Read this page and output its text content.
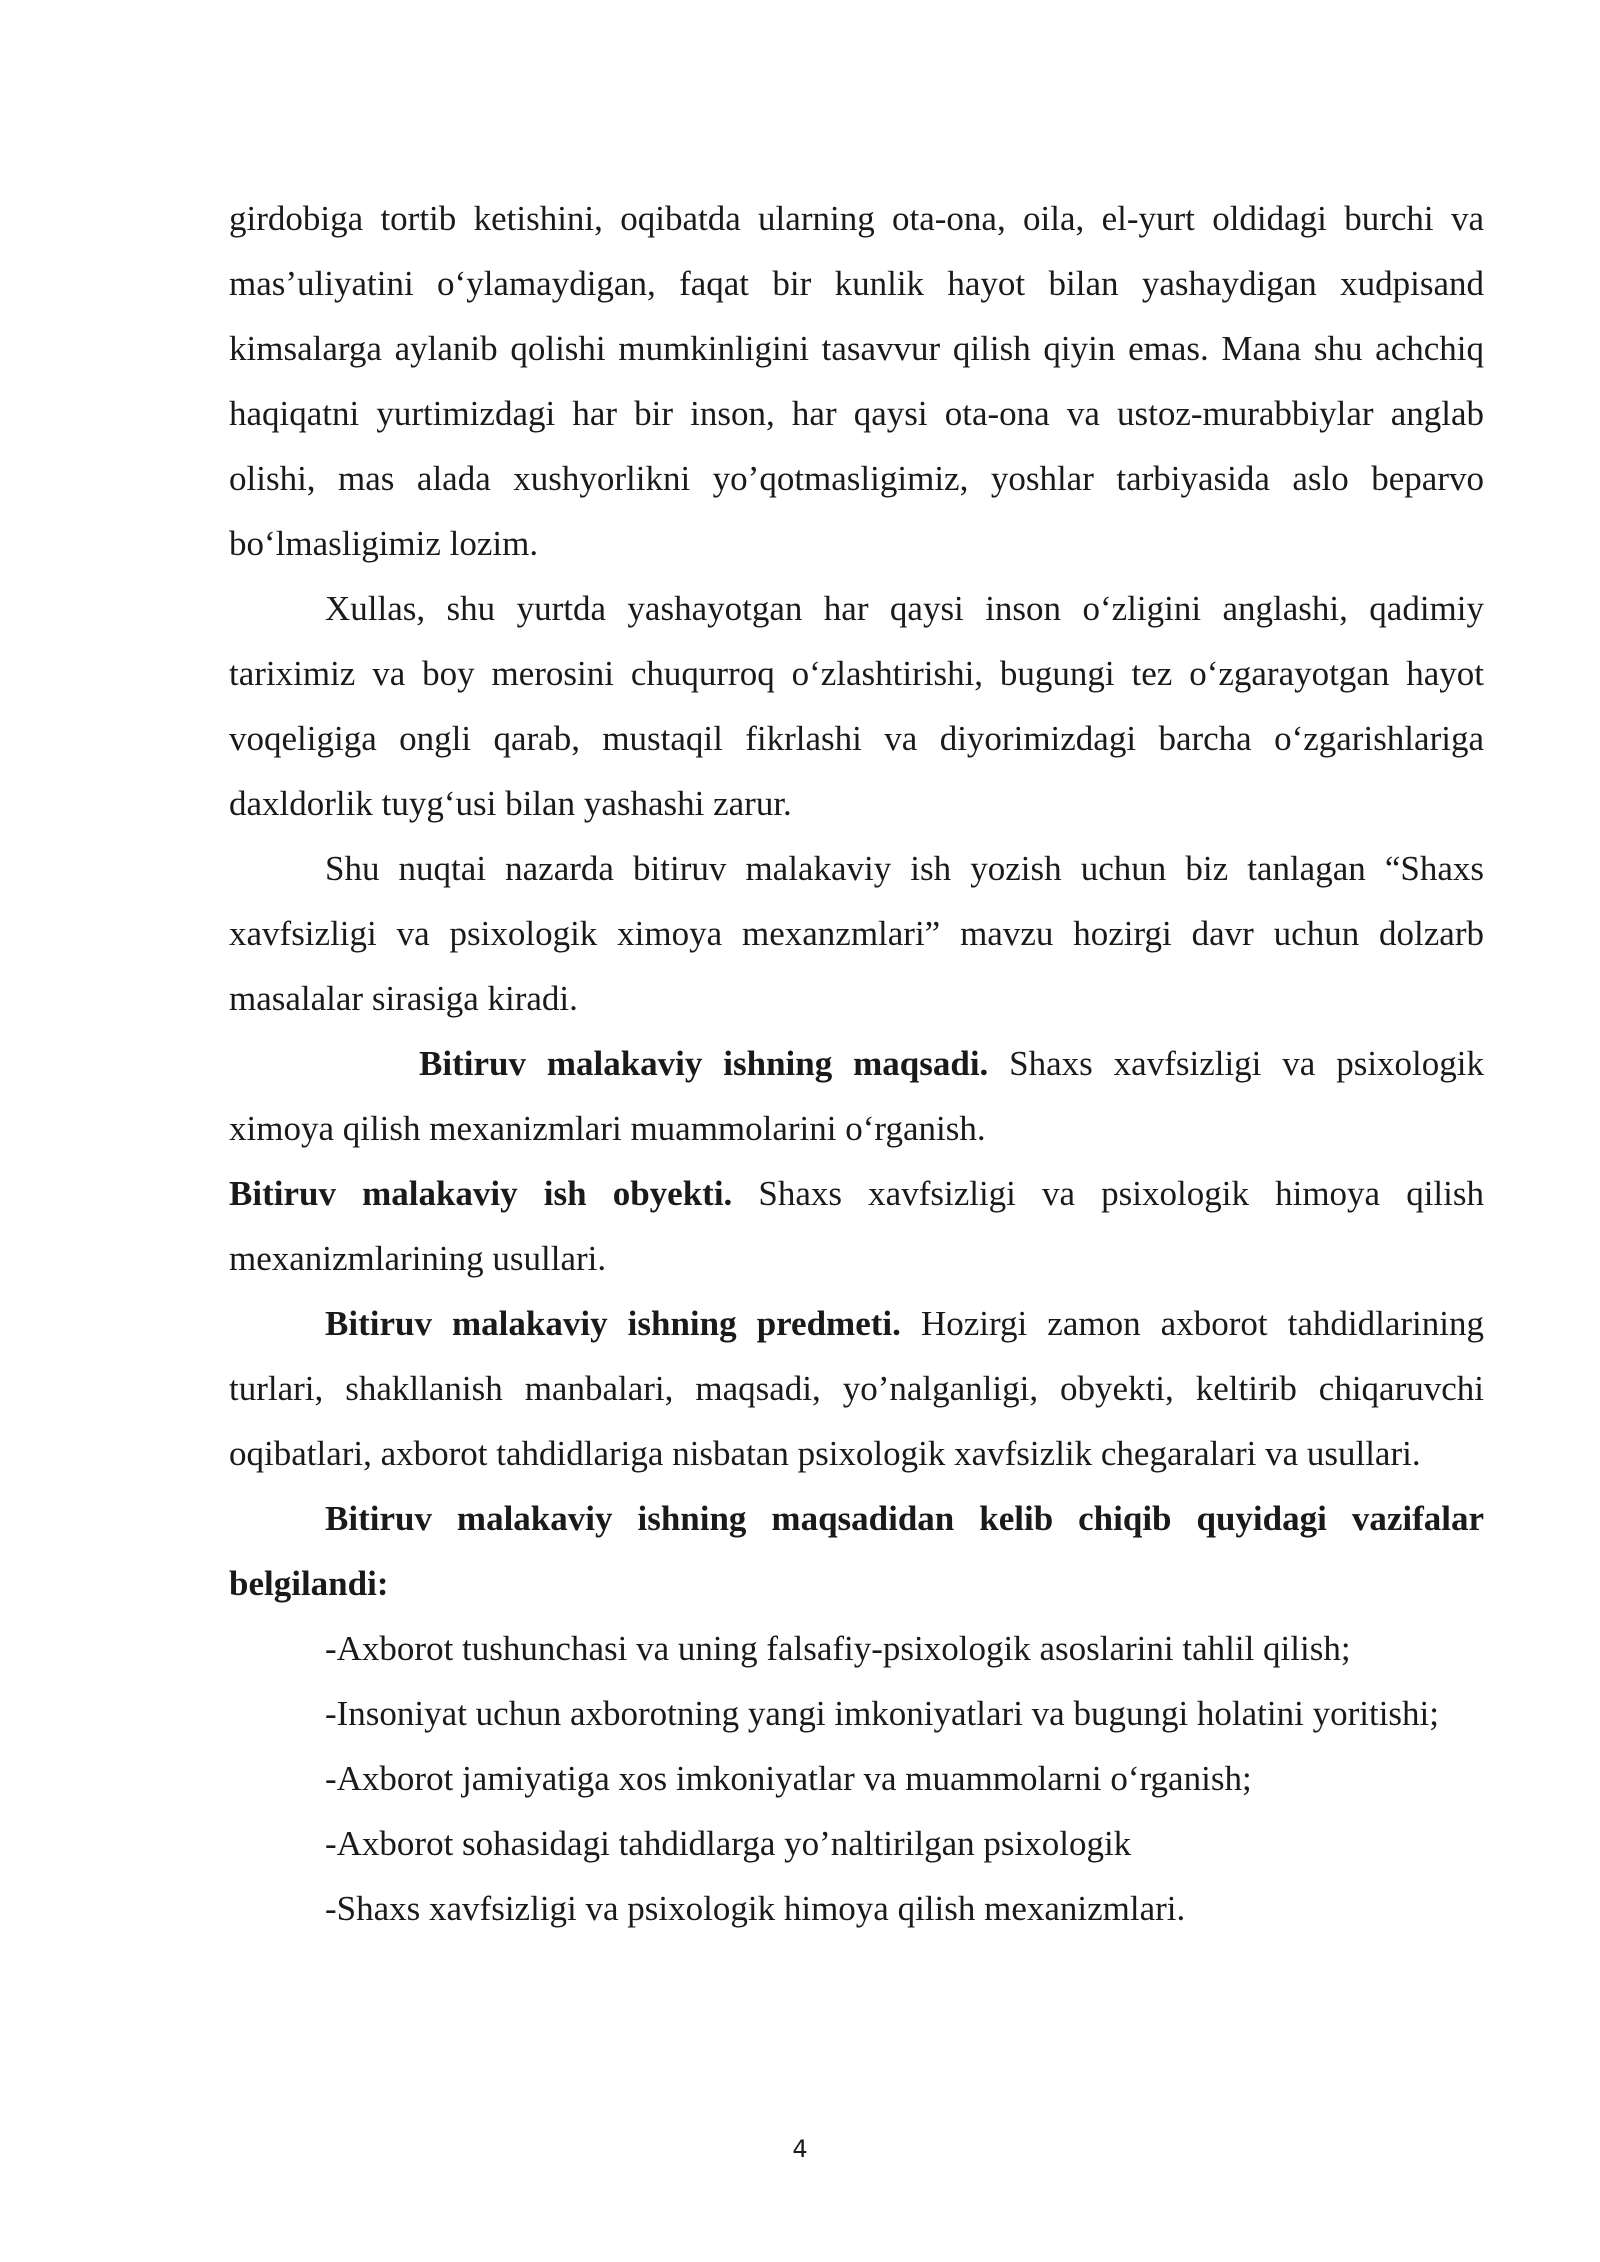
girdobiga tortib ketishini, oqibatda ularning ota-ona, oila, el-yurt oldidagi burchi va mas’uliyatini o‘ylamaydigan, faqat bir kunlik hayot bilan yashaydigan xudpisand kimsalarga aylanib qolishi mumkinligini tasavvur qilish qiyin emas. Mana shu achchiq haqiqatni yurtimizdagi har bir inson, har qaysi ota-ona va ustoz-murabbiylar anglab olishi, mas alada xushyorlikni yo’qotmasligimiz, yoshlar tarbiyasida aslo beparvo bo‘lmasligimiz lozim.

Xullas, shu yurtda yashayotgan har qaysi inson o‘zligini anglashi, qadimiy tariximiz va boy merosini chuqurroq o‘zlashtirishi, bugungi tez o‘zgarayotgan hayot voqeligiga ongli qarab, mustaqil fikrlashi va diyorimizdagi barcha o‘zgarishlariga daxldorlik tuyg‘usi bilan yashashi zarur.

Shu nuqtai nazarda bitiruv malakaviy ish yozish uchun biz tanlagan “Shaxs xavfsizligi va psixologik ximoya mexanzmlari” mavzu hozirgi davr uchun dolzarb masalalar sirasiga kiradi.

Bitiruv malakaviy ishning maqsadi. Shaxs xavfsizligi va psixologik ximoya qilish mexanizmlari muammolarini o‘rganish.

Bitiruv malakaviy ish obyekti. Shaxs xavfsizligi va psixologik himoya qilish mexanizmlarining usullari.

Bitiruv malakaviy ishning predmeti. Hozirgi zamon axborot tahdidlarining turlari, shakllanish manbalari, maqsadi, yo’nalganligi, obyekti, keltirib chiqaruvchi oqibatlari, axborot tahdidlariga nisbatan psixologik xavfsizlik chegaralari va usullari.

Bitiruv malakaviy ishning maqsadidan kelib chiqib quyidagi vazifalar belgilandi:

-Axborot tushunchasi va uning falsafiy-psixologik asoslarini tahlil qilish;

-Insoniyat uchun axborotning yangi imkoniyatlari va bugungi holatini yoritishi;

-Axborot jamiyatiga xos imkoniyatlar va muammolarni o‘rganish;

-Axborot sohasidagi tahdidlarga yo’naltirilgan psixologik

-Shaxs xavfsizligi va psixologik himoya qilish mexanizmlari.

4
